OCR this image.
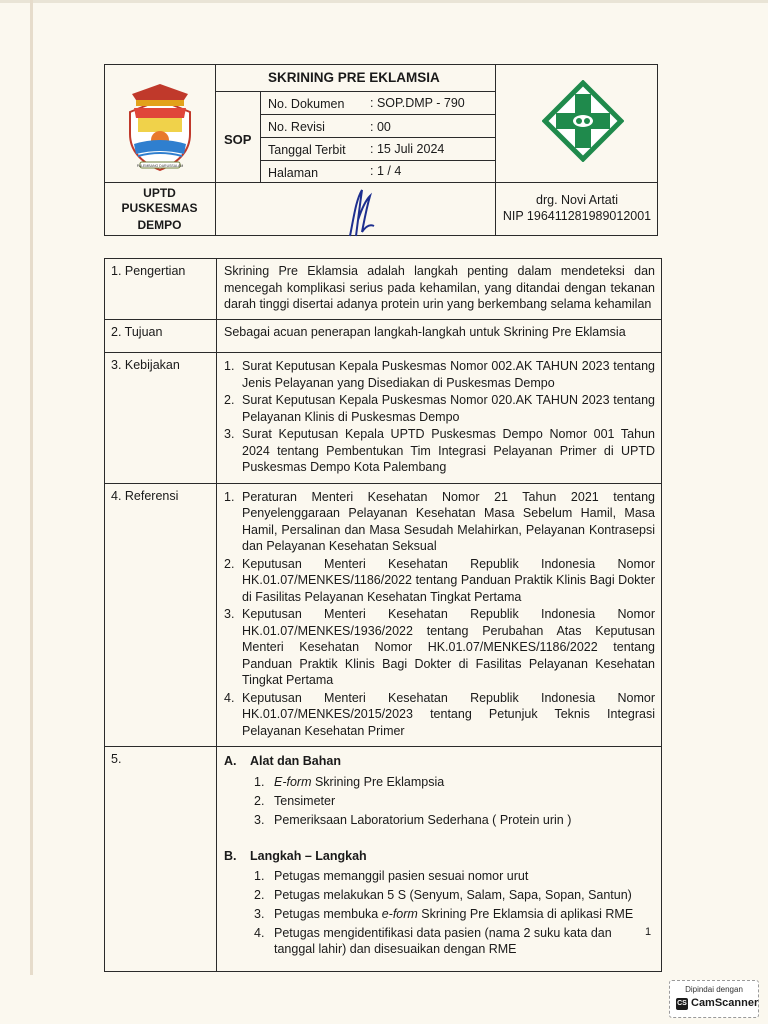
PALEMBANG DARUSSALAM
SKRINING PRE EKLAMSIA
SOP
No. Dokumen : SOP.DMP - 790
No. Revisi	: 00
Tanggal Terbit : 15 Juli 2024
Halaman	: 1 / 4
UPTD
PUSKESMAS
DEMPO
drg. Novi Artati
NIP 196411281989012001
1. Pengertian	Skrining Pre Eklamsia adalah langkah penting dalam mendeteksi dan mencegah komplikasi serius pada kehamilan, yang ditandai dengan tekanan darah tinggi disertai adanya protein urin yang berkembang selama kehamilan
2. Tujuan	Sebagai acuan penerapan langkah-langkah untuk Skrining Pre Eklamsia
3. Kebijakan	1. Surat Keputusan Kepala Puskesmas Nomor 002.AK TAHUN 2023 tentang Jenis Pelayanan yang Disediakan di Puskesmas Dempo
2. Surat Keputusan Kepala Puskesmas Nomor 020.AK TAHUN 2023 tentang Pelayanan Klinis di Puskesmas Dempo
3. Surat Keputusan Kepala UPTD Puskesmas Dempo Nomor 001 Tahun 2024 tentang Pembentukan Tim Integrasi Pelayanan Primer di UPTD Puskesmas Dempo Kota Palembang
4. Referensi	1. Peraturan Menteri Kesehatan Nomor 21 Tahun 2021 tentang Penyelenggaraan Pelayanan Kesehatan Masa Sebelum Hamil, Masa Hamil, Persalinan dan Masa Sesudah Melahirkan, Pelayanan Kontrasepsi dan Pelayanan Kesehatan Seksual
2. Keputusan Menteri Kesehatan Republik Indonesia Nomor HK.01.07/MENKES/1186/2022 tentang Panduan Praktik Klinis Bagi Dokter di Fasilitas Pelayanan Kesehatan Tingkat Pertama
3. Keputusan Menteri Kesehatan Republik Indonesia Nomor HK.01.07/MENKES/1936/2022 tentang Perubahan Atas Keputusan Menteri Kesehatan Nomor HK.01.07/MENKES/1186/2022 tentang Panduan Praktik Klinis Bagi Dokter di Fasilitas Pelayanan Kesehatan Tingkat Pertama
4. Keputusan Menteri Kesehatan Republik Indonesia Nomor HK.01.07/MENKES/2015/2023 tentang Petunjuk Teknis Integrasi Pelayanan Kesehatan Primer
5.	A.	Alat dan Bahan
1. E-form Skrining Pre Eklampsia
2. Tensimeter
3. Pemeriksaan Laboratorium Sederhana ( Protein urin )
B.	Langkah – Langkah
1. Petugas memanggil pasien sesuai nomor urut
2. Petugas melakukan 5 S (Senyum, Salam, Sapa, Sopan, Santun)
3. Petugas membuka e-form Skrining Pre Eklamsia di aplikasi RME
4. Petugas mengidentifikasi data pasien (nama 2 suku kata dan tanggal lahir) dan disesuaikan dengan RME
1
Dipindai dengan
CS CamScanner
